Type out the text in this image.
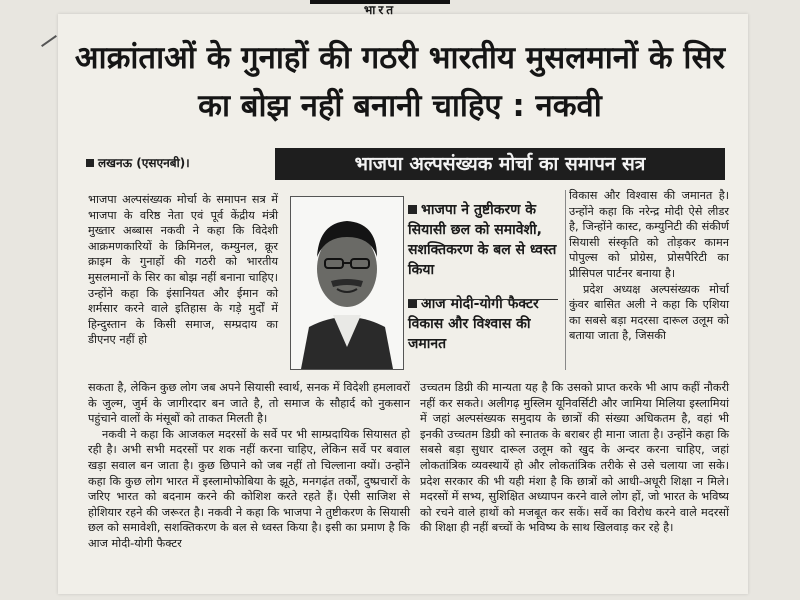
भारत
आक्रांताओं के गुनाहों की गठरी भारतीय मुसलमानों के सिर का बोझ नहीं बनानी चाहिए : नकवी
लखनऊ (एसएनबी)।	भाजपा अल्पसंख्यक मोर्चा का समापन सत्र

भाजपा अल्पसंख्यक मोर्चा के समापन सत्र में भाजपा के वरिष्ठ नेता एवं पूर्व केंद्रीय मंत्री मुख्तार अब्बास नकवी ने कहा कि विदेशी आक्रमणकारियों के क्रिमिनल, कम्युनल, क्रूर क्राइम के गुनाहों की गठरी को भारतीय मुसलमानों के सिर का बोझ नहीं बनाना चाहिए। उन्होंने कहा कि इंसानियत और ईमान को शर्मसार करने वाले इतिहास के गड़े मुर्दों में हिन्दुस्तान के किसी समाज, सम्प्रदाय का डीएनए नहीं हो

भाजपा ने तुष्टीकरण के सियासी छल को समावेशी, सशक्तिकरण के बल से ध्वस्त किया
आज मोदी-योगी फैक्टर विकास और विश्वास की जमानत

विकास और विश्वास की जमानत है। उन्होंने कहा कि नरेन्द्र मोदी ऐसे लीडर है, जिन्होंने कास्ट, कम्युनिटी की संकीर्ण सियासी संस्कृति को तोड़कर कामन पोपुल्स को प्रोग्रेस, प्रोसपैरिटी का प्रीसिपल पार्टनर बनाया है।

प्रदेश अध्यक्ष अल्पसंख्यक मोर्चा कुंवर बासित अली ने कहा कि एशिया का सबसे बड़ा मदरसा दारूल उलूम को बताया जाता है, जिसकी

सकता है, लेकिन कुछ लोग जब अपने सियासी स्वार्थ, सनक में विदेशी हमलावरों के जुल्म, जुर्म के जागीरदार बन जाते है, तो समाज के सौहार्द को नुकसान पहुंचाने वालों के मंसूबों को ताकत मिलती है।

नकवी ने कहा कि आजकल मदरसों के सर्वे पर भी साम्प्रदायिक सियासत हो रही है। अभी सभी मदरसों पर शक नहीं करना चाहिए, लेकिन सर्वे पर बवाल खड़ा सवाल बन जाता है। कुछ छिपाने को जब नहीं तो चिल्लाना क्यों। उन्होंने कहा कि कुछ लोग भारत में इस्लामोफोबिया के झूठे, मनगढ़ंत तर्कों, दुष्प्रचारों के जरिए भारत को बदनाम करने की कोशिश करते रहते हैं। ऐसी साजिश से होशियार रहने की जरूरत है। नकवी ने कहा कि भाजपा ने तुष्टीकरण के सियासी छल को समावेशी, सशक्तिकरण के बल से ध्वस्त किया है। इसी का प्रमाण है कि आज मोदी-योगी फैक्टर

उच्चतम डिग्री की मान्यता यह है कि उसको प्राप्त करके भी आप कहीं नौकरी नहीं कर सकते। अलीगढ़ मुस्लिम यूनिवर्सिटी और जामिया मिलिया इस्लामियां में जहां अल्पसंख्यक समुदाय के छात्रों की संख्या अधिकतम है, वहां भी इनकी उच्चतम डिग्री को स्नातक के बराबर ही माना जाता है। उन्होंने कहा कि सबसे बड़ा सुधार दारूल उलूम को खुद के अन्दर करना चाहिए, जहां लोकतांत्रिक व्यवस्थायें हो और लोकतांत्रिक तरीके से उसे चलाया जा सके। प्रदेश सरकार की भी यही मंशा है कि छात्रों को आधी-अधूरी शिक्षा न मिले। मदरसों में सभ्य, सुशिक्षित अध्यापन करने वाले लोग हों, जो भारत के भविष्य को रचने वाले हाथों को मजबूत कर सकें। सर्वे का विरोध करने वाले मदरसों की शिक्षा ही नहीं बच्चों के भविष्य के साथ खिलवाड़ कर रहे है।
